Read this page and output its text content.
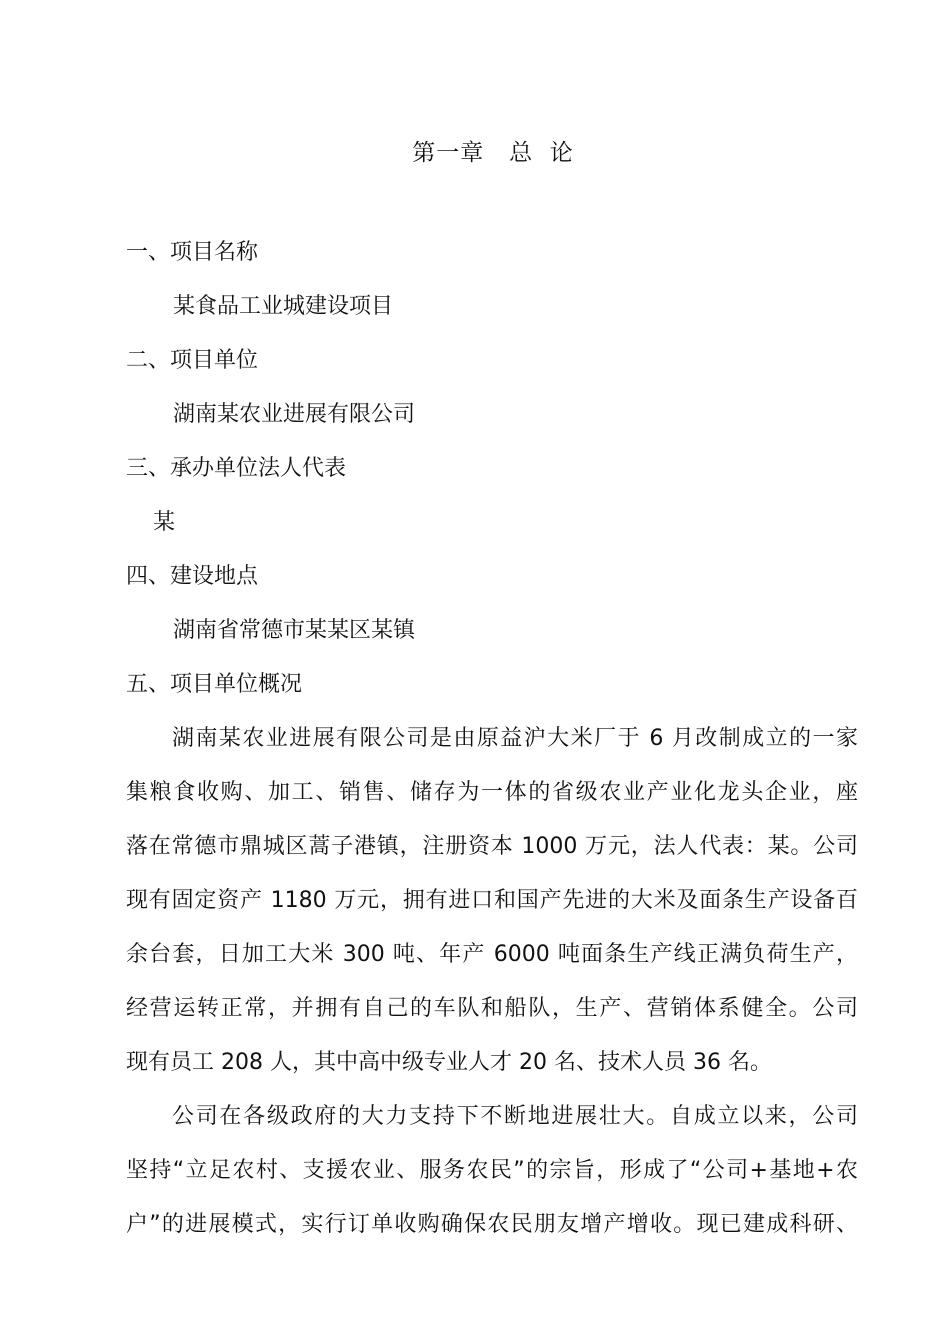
第一章   总  论
一、项目名称
某食品工业城建设项目
二、项目单位
湖南某农业进展有限公司
三、承办单位法人代表
某
四、建设地点
湖南省常德市某某区某镇
五、项目单位概况
湖南某农业进展有限公司是由原益沪大米厂于 6 月改制成立的一家
集粮食收购、加工、销售、储存为一体的省级农业产业化龙头企业，座
落在常德市鼎城区蒿子港镇，注册资本 1000 万元，法人代表：某。公司
现有固定资产 1180 万元，拥有进口和国产先进的大米及面条生产设备百
余台套，日加工大米 300 吨、年产 6000 吨面条生产线正满负荷生产，
经营运转正常，并拥有自己的车队和船队，生产、营销体系健全。公司
现有员工 208 人，其中高中级专业人才 20 名、技术人员 36 名。
公司在各级政府的大力支持下不断地进展壮大。自成立以来，公司
坚持“立足农村、支援农业、服务农民”的宗旨，形成了“公司+基地+农
户”的进展模式，实行订单收购确保农民朋友增产增收。现已建成科研、
